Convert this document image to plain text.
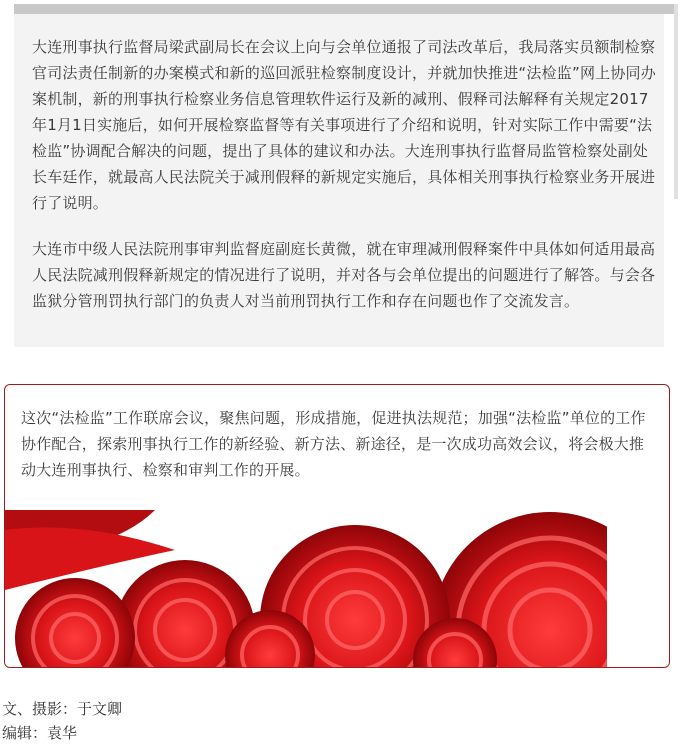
大连刑事执行监督局梁武副局长在会议上向与会单位通报了司法改革后，我局落实员额制检察官司法责任制新的办案模式和新的巡回派驻检察制度设计，并就加快推进“法检监”网上协同办案机制，新的刑事执行检察业务信息管理软件运行及新的减刑、假释司法解释有关规定2017年1月1日实施后，如何开展检察监督等有关事项进行了介绍和说明，针对实际工作中需要“法检监”协调配合解决的问题，提出了具体的建议和办法。大连刑事执行监督局监管检察处副处长车廷作，就最高人民法院关于减刑假释的新规定实施后，具体相关刑事执行检察业务开展进行了说明。

大连市中级人民法院刑事审判监督庭副庭长黄微，就在审理减刑假释案件中具体如何适用最高人民法院减刑假释新规定的情况进行了说明，并对各与会单位提出的问题进行了解答。与会各监狱分管刑罚执行部门的负责人对当前刑罚执行工作和存在问题也作了交流发言。

这次“法检监”工作联席会议，聚焦问题，形成措施，促进执法规范；加强“法检监”单位的工作协作配合，探索刑事执行工作的新经验、新方法、新途径，是一次成功高效会议，将会极大推动大连刑事执行、检察和审判工作的开展。

文、摄影：于文卿

编辑：袁华
